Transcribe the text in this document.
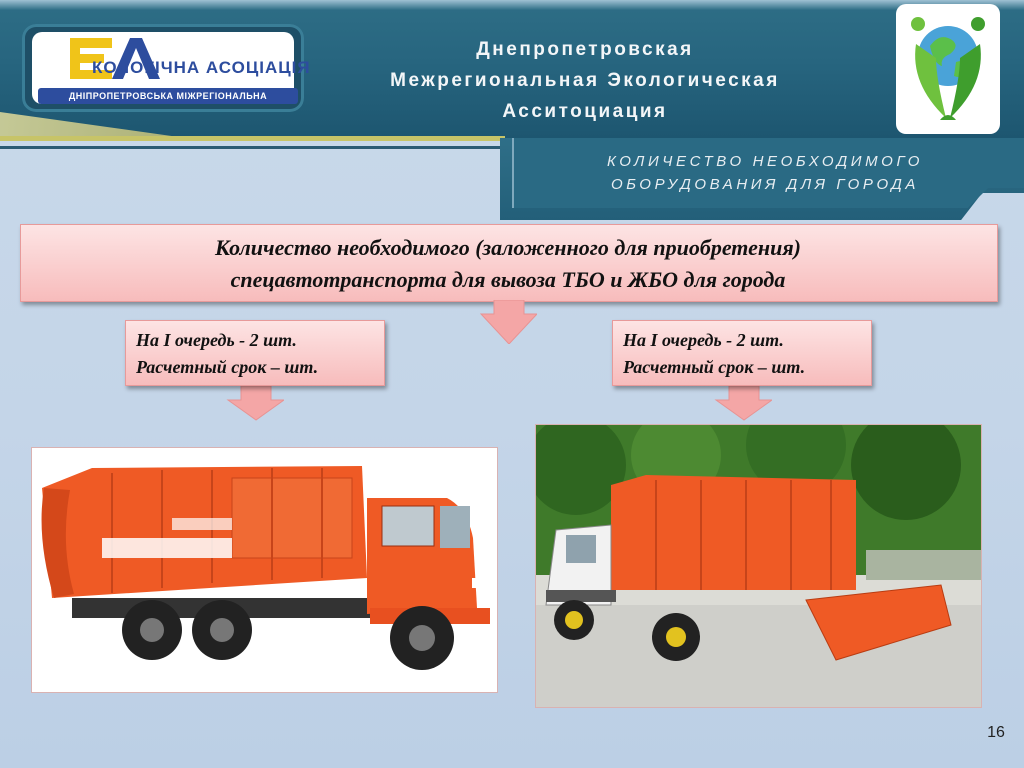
КОЛОГІЧНА АСОЦІАЦІЯ
ДНІПРОПЕТРОВСЬКА МІЖРЕГІОНАЛЬНА
Днепропетровская
Межрегиональная Экологическая
Асситоциация
КОЛИЧЕСТВО НЕОБХОДИМОГО
ОБОРУДОВАНИЯ ДЛЯ ГОРОДА
Количество необходимого (заложенного для приобретения)
спецавтотранспорта для вывоза ТБО и ЖБО для города
На I очередь - 2 шт.
Расчетный срок – шт.
На I очередь - 2 шт.
Расчетный срок – шт.
16
